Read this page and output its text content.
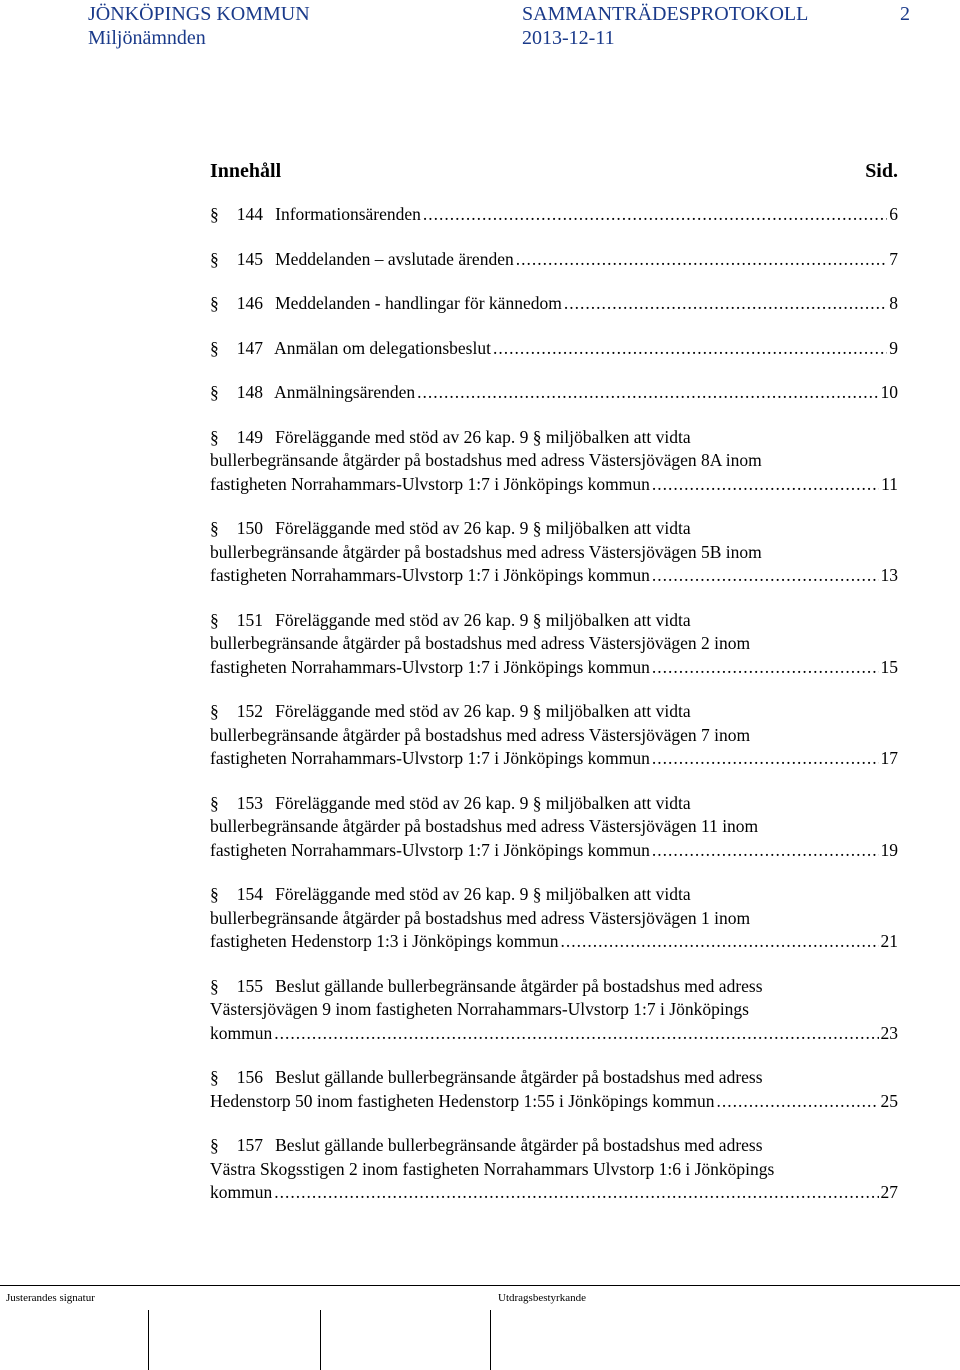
JÖNKÖPINGS KOMMUN
Miljönämnden
SAMMANTRÄDESPROTOKOLL
2013-12-11
2
Innehåll	Sid.
§ 144 Informationsärenden .....	6
§ 145 Meddelanden – avslutade ärenden .....	7
§ 146 Meddelanden - handlingar för kännedom .....	8
§ 147 Anmälan om delegationsbeslut .....	9
§ 148 Anmälningsärenden .....	10
§ 149 Föreläggande med stöd av 26 kap. 9 § miljöbalken att vidta
bullerbegränsande åtgärder på bostadshus med adress Västersjövägen 8A inom
fastigheten Norrahammars-Ulvstorp 1:7 i Jönköpings kommun .....	11
§ 150 Föreläggande med stöd av 26 kap. 9 § miljöbalken att vidta
bullerbegränsande åtgärder på bostadshus med adress Västersjövägen 5B inom
fastigheten Norrahammars-Ulvstorp 1:7 i Jönköpings kommun .....	13
§ 151 Föreläggande med stöd av 26 kap. 9 § miljöbalken att vidta
bullerbegränsande åtgärder på bostadshus med adress Västersjövägen 2 inom
fastigheten Norrahammars-Ulvstorp 1:7 i Jönköpings kommun .....	15
§ 152 Föreläggande med stöd av 26 kap. 9 § miljöbalken att vidta
bullerbegränsande åtgärder på bostadshus med adress Västersjövägen 7 inom
fastigheten Norrahammars-Ulvstorp 1:7 i Jönköpings kommun .....	17
§ 153 Föreläggande med stöd av 26 kap. 9 § miljöbalken att vidta
bullerbegränsande åtgärder på bostadshus med adress Västersjövägen 11 inom
fastigheten Norrahammars-Ulvstorp 1:7 i Jönköpings kommun .....	19
§ 154 Föreläggande med stöd av 26 kap. 9 § miljöbalken att vidta
bullerbegränsande åtgärder på bostadshus med adress Västersjövägen 1 inom
fastigheten Hedenstorp 1:3 i Jönköpings kommun .....	21
§ 155 Beslut gällande bullerbegränsande åtgärder på bostadshus med adress
Västersjövägen 9 inom fastigheten Norrahammars-Ulvstorp 1:7 i Jönköpings
kommun .....	23
§ 156 Beslut gällande bullerbegränsande åtgärder på bostadshus med adress
Hedenstorp 50 inom fastigheten Hedenstorp 1:55 i Jönköpings kommun .....	25
§ 157 Beslut gällande bullerbegränsande åtgärder på bostadshus med adress
Västra Skogsstigen 2 inom fastigheten Norrahammars Ulvstorp 1:6 i Jönköpings
kommun .....	27
Justerandes signatur	Utdragsbestyrkande
